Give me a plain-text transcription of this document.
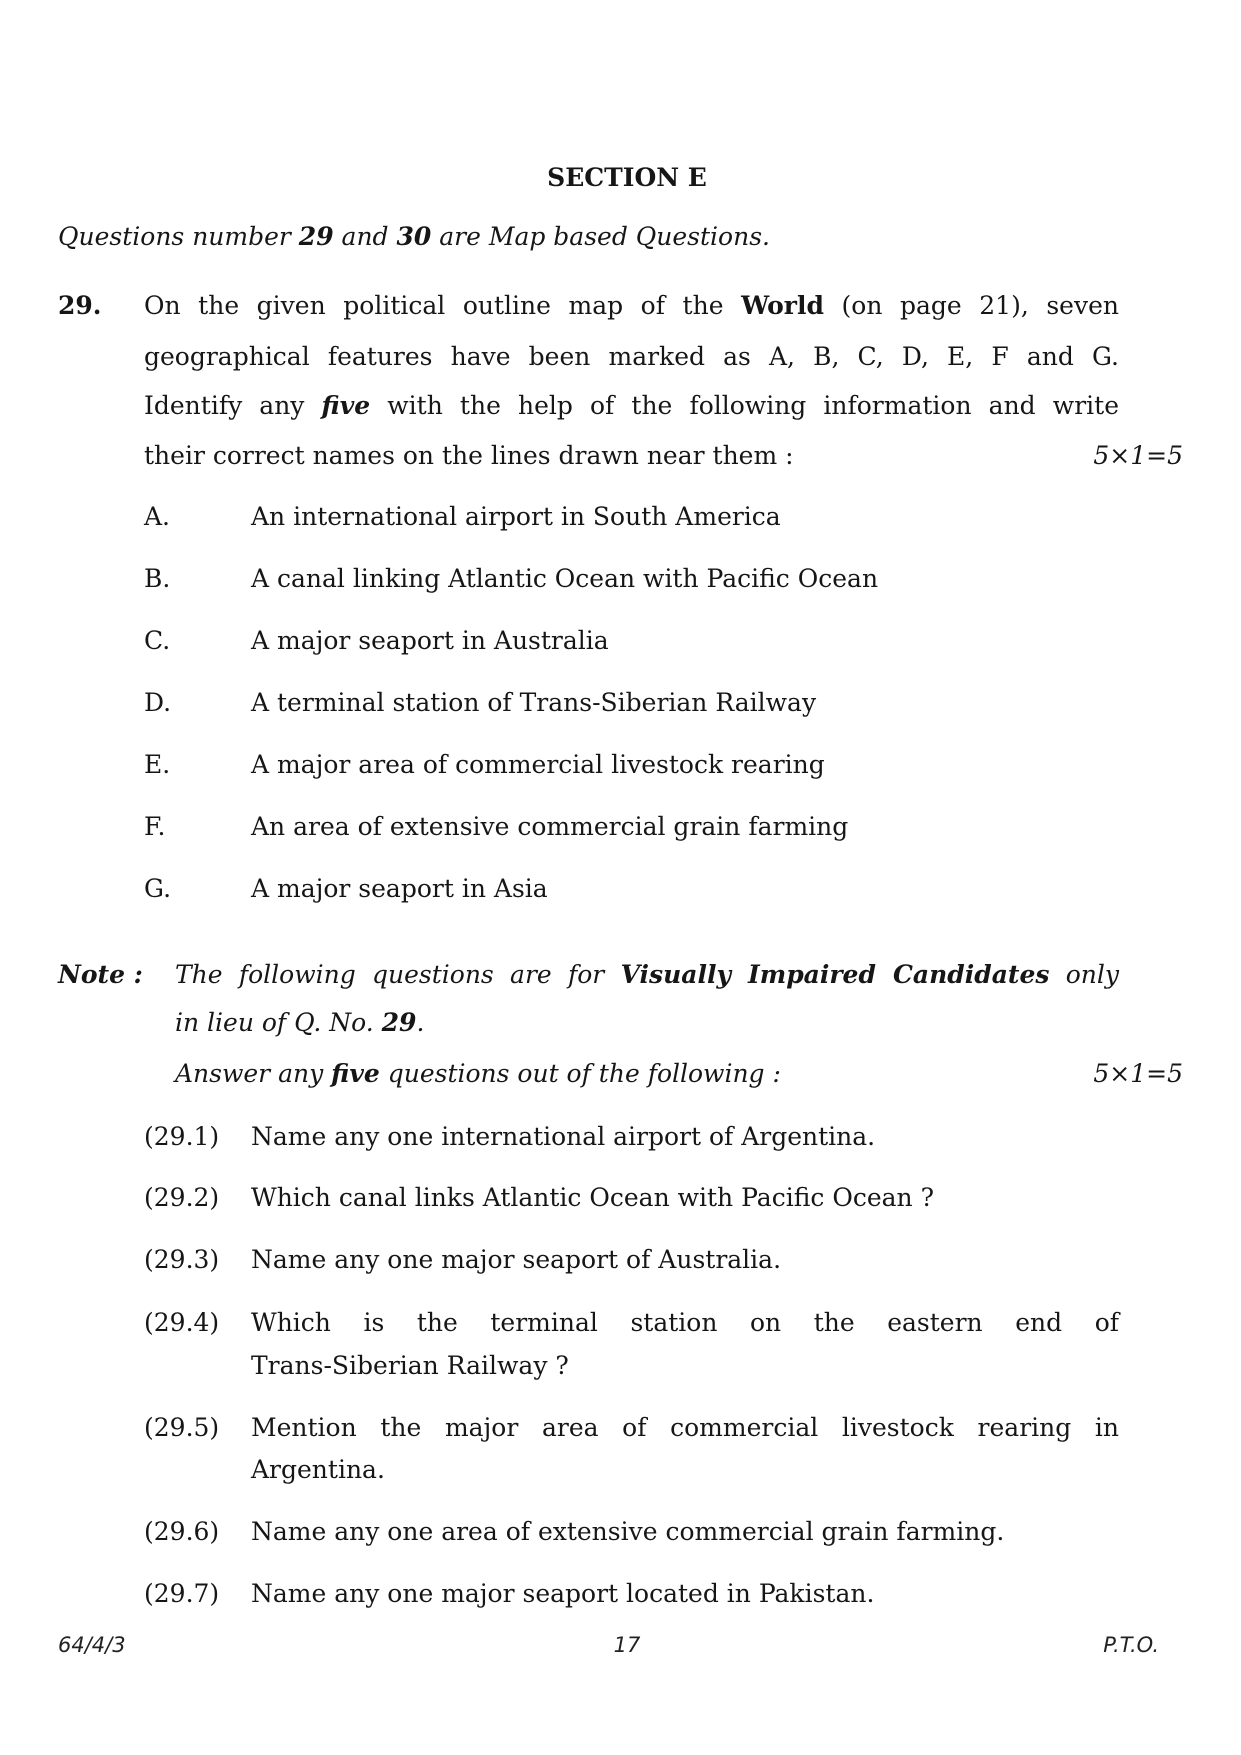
SECTION E
Questions number 29 and 30 are Map based Questions.
29. On the given political outline map of the World (on page 21), seven
geographical features have been marked as A, B, C, D, E, F and G.
Identify any five with the help of the following information and write
their correct names on the lines drawn near them :	5×1=5
A.	An international airport in South America
B.	A canal linking Atlantic Ocean with Pacific Ocean
C.	A major seaport in Australia
D.	A terminal station of Trans-Siberian Railway
E.	A major area of commercial livestock rearing
F.	An area of extensive commercial grain farming
G.	A major seaport in Asia
Note : The following questions are for Visually Impaired Candidates only
in lieu of Q. No. 29.
Answer any five questions out of the following :	5×1=5
(29.1) Name any one international airport of Argentina.
(29.2) Which canal links Atlantic Ocean with Pacific Ocean ?
(29.3) Name any one major seaport of Australia.
(29.4) Which is the terminal station on the eastern end of
Trans-Siberian Railway ?
(29.5) Mention the major area of commercial livestock rearing in
Argentina.
(29.6) Name any one area of extensive commercial grain farming.
(29.7) Name any one major seaport located in Pakistan.
64/4/3	17	P.T.O.
